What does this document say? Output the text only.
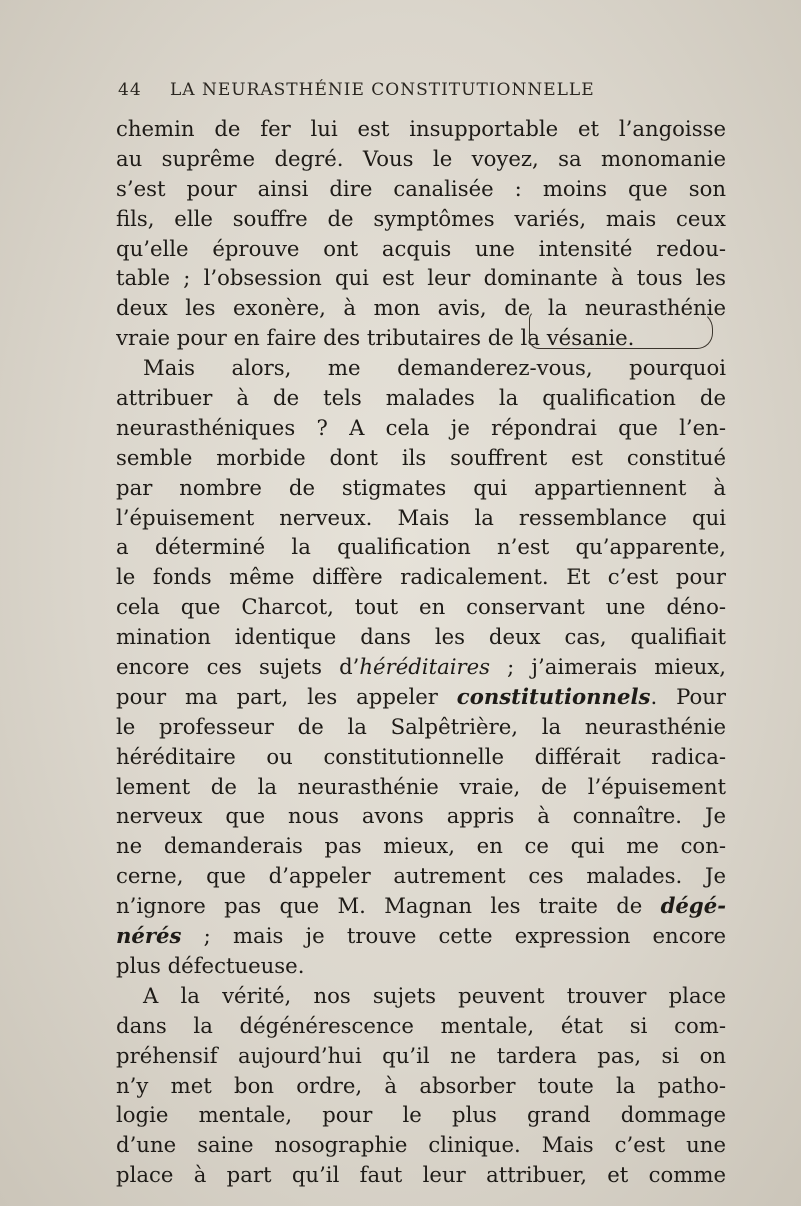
44 LA NEURASTHÉNIE CONSTITUTIONNELLE
chemin de fer lui est insupportable et l’angoisse
au suprême degré. Vous le voyez, sa monomanie
s’est pour ainsi dire canalisée : moins que son
fils, elle souffre de symptômes variés, mais ceux
qu’elle éprouve ont acquis une intensité redou-
table ; l’obsession qui est leur dominante à tous les
deux les exonère, à mon avis, de la neurasthénie
vraie pour en faire des tributaires de la vésanie.
Mais alors, me demanderez-vous, pourquoi
attribuer à de tels malades la qualification de
neurasthéniques ? A cela je répondrai que l’en-
semble morbide dont ils souffrent est constitué
par nombre de stigmates qui appartiennent à
l’épuisement nerveux. Mais la ressemblance qui
a déterminé la qualification n’est qu’apparente,
le fonds même diffère radicalement. Et c’est pour
cela que Charcot, tout en conservant une déno-
mination identique dans les deux cas, qualifiait
encore ces sujets d’héréditaires ; j’aimerais mieux,
pour ma part, les appeler constitutionnels. Pour
le professeur de la Salpêtrière, la neurasthénie
héréditaire ou constitutionnelle différait radica-
lement de la neurasthénie vraie, de l’épuisement
nerveux que nous avons appris à connaître. Je
ne demanderais pas mieux, en ce qui me con-
cerne, que d’appeler autrement ces malades. Je
n’ignore pas que M. Magnan les traite de dégé-
nérés ; mais je trouve cette expression encore
plus défectueuse.
A la vérité, nos sujets peuvent trouver place
dans la dégénérescence mentale, état si com-
préhensif aujourd’hui qu’il ne tardera pas, si on
n’y met bon ordre, à absorber toute la patho-
logie mentale, pour le plus grand dommage
d’une saine nosographie clinique. Mais c’est une
place à part qu’il faut leur attribuer, et comme
